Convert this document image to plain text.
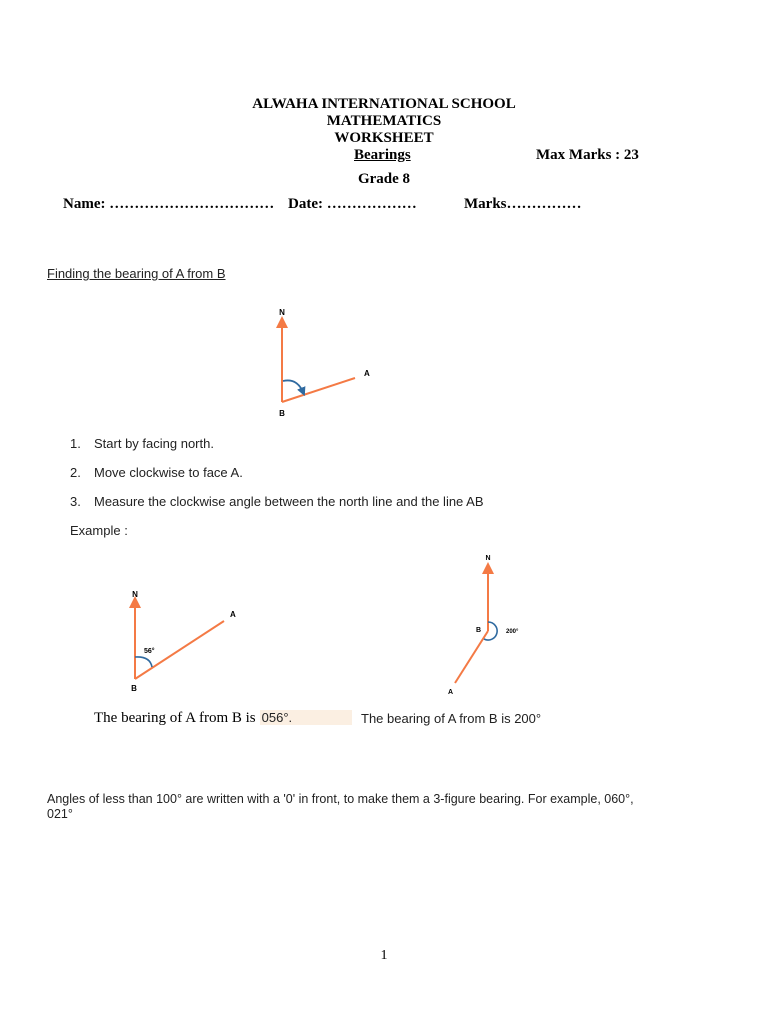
ALWAHA INTERNATIONAL SCHOOL
MATHEMATICS
WORKSHEET
Bearings	Max Marks : 23
Grade 8
Name: …………………………… Date: ………………	Marks……………
Finding the bearing of A from B
N
A
B
N
A
B
56°
N
B	200°
A
1. Start by facing north.
2. Move clockwise to face A.
3. Measure the clockwise angle between the north line and the line AB
Example :
The bearing of A from B is 056°.	The bearing of A from B is 200°
Angles of less than 100° are written with a '0' in front, to make them a 3-figure bearing. For example, 060°,
021°
1
